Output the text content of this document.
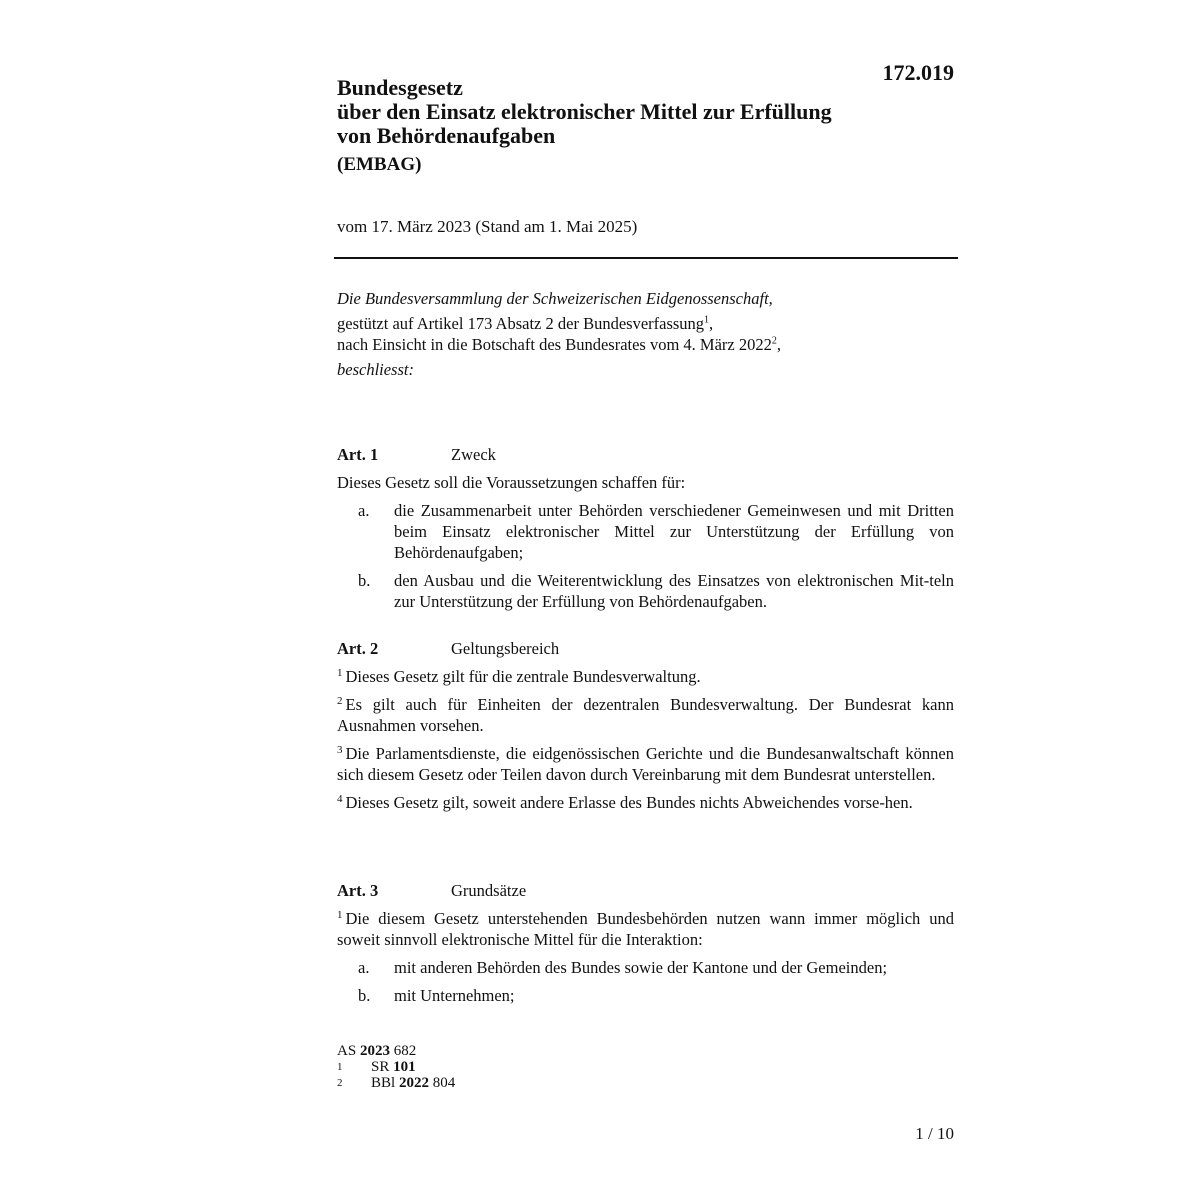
172.019
Bundesgesetz
über den Einsatz elektronischer Mittel zur Erfüllung
von Behördenaufgaben
(EMBAG)
vom 17. März 2023 (Stand am 1. Mai 2025)
Die Bundesversammlung der Schweizerischen Eidgenossenschaft,
gestützt auf Artikel 173 Absatz 2 der Bundesverfassung$^1$,
nach Einsicht in die Botschaft des Bundesrates vom 4. März 2022$^2$,
beschliesst:
Art. 1	Zweck

Dieses Gesetz soll die Voraussetzungen schaffen für:

a.	die Zusammenarbeit unter Behörden verschiedener Gemeinwesen und mit Dritten beim Einsatz elektronischer Mittel zur Unterstützung der Erfüllung von Behördenaufgaben;
b.	den Ausbau und die Weiterentwicklung des Einsatzes von elektronischen Mit-teln zur Unterstützung der Erfüllung von Behördenaufgaben.
Art. 2	Geltungsbereich

$^1$ Dieses Gesetz gilt für die zentrale Bundesverwaltung.

$^2$ Es gilt auch für Einheiten der dezentralen Bundesverwaltung. Der Bundesrat kann Ausnahmen vorsehen.

$^3$ Die Parlamentsdienste, die eidgenössischen Gerichte und die Bundesanwaltschaft können sich diesem Gesetz oder Teilen davon durch Vereinbarung mit dem Bundesrat unterstellen.

$^4$ Dieses Gesetz gilt, soweit andere Erlasse des Bundes nichts Abweichendes vorse-hen.

Art. 3	Grundsätze

$^1$ Die diesem Gesetz unterstehenden Bundesbehörden nutzen wann immer möglich und soweit sinnvoll elektronische Mittel für die Interaktion:

a.	mit anderen Behörden des Bundes sowie der Kantone und der Gemeinden;
b.	mit Unternehmen;
AS 2023 682
1	SR 101
2	BBl 2022 804
1 / 10
